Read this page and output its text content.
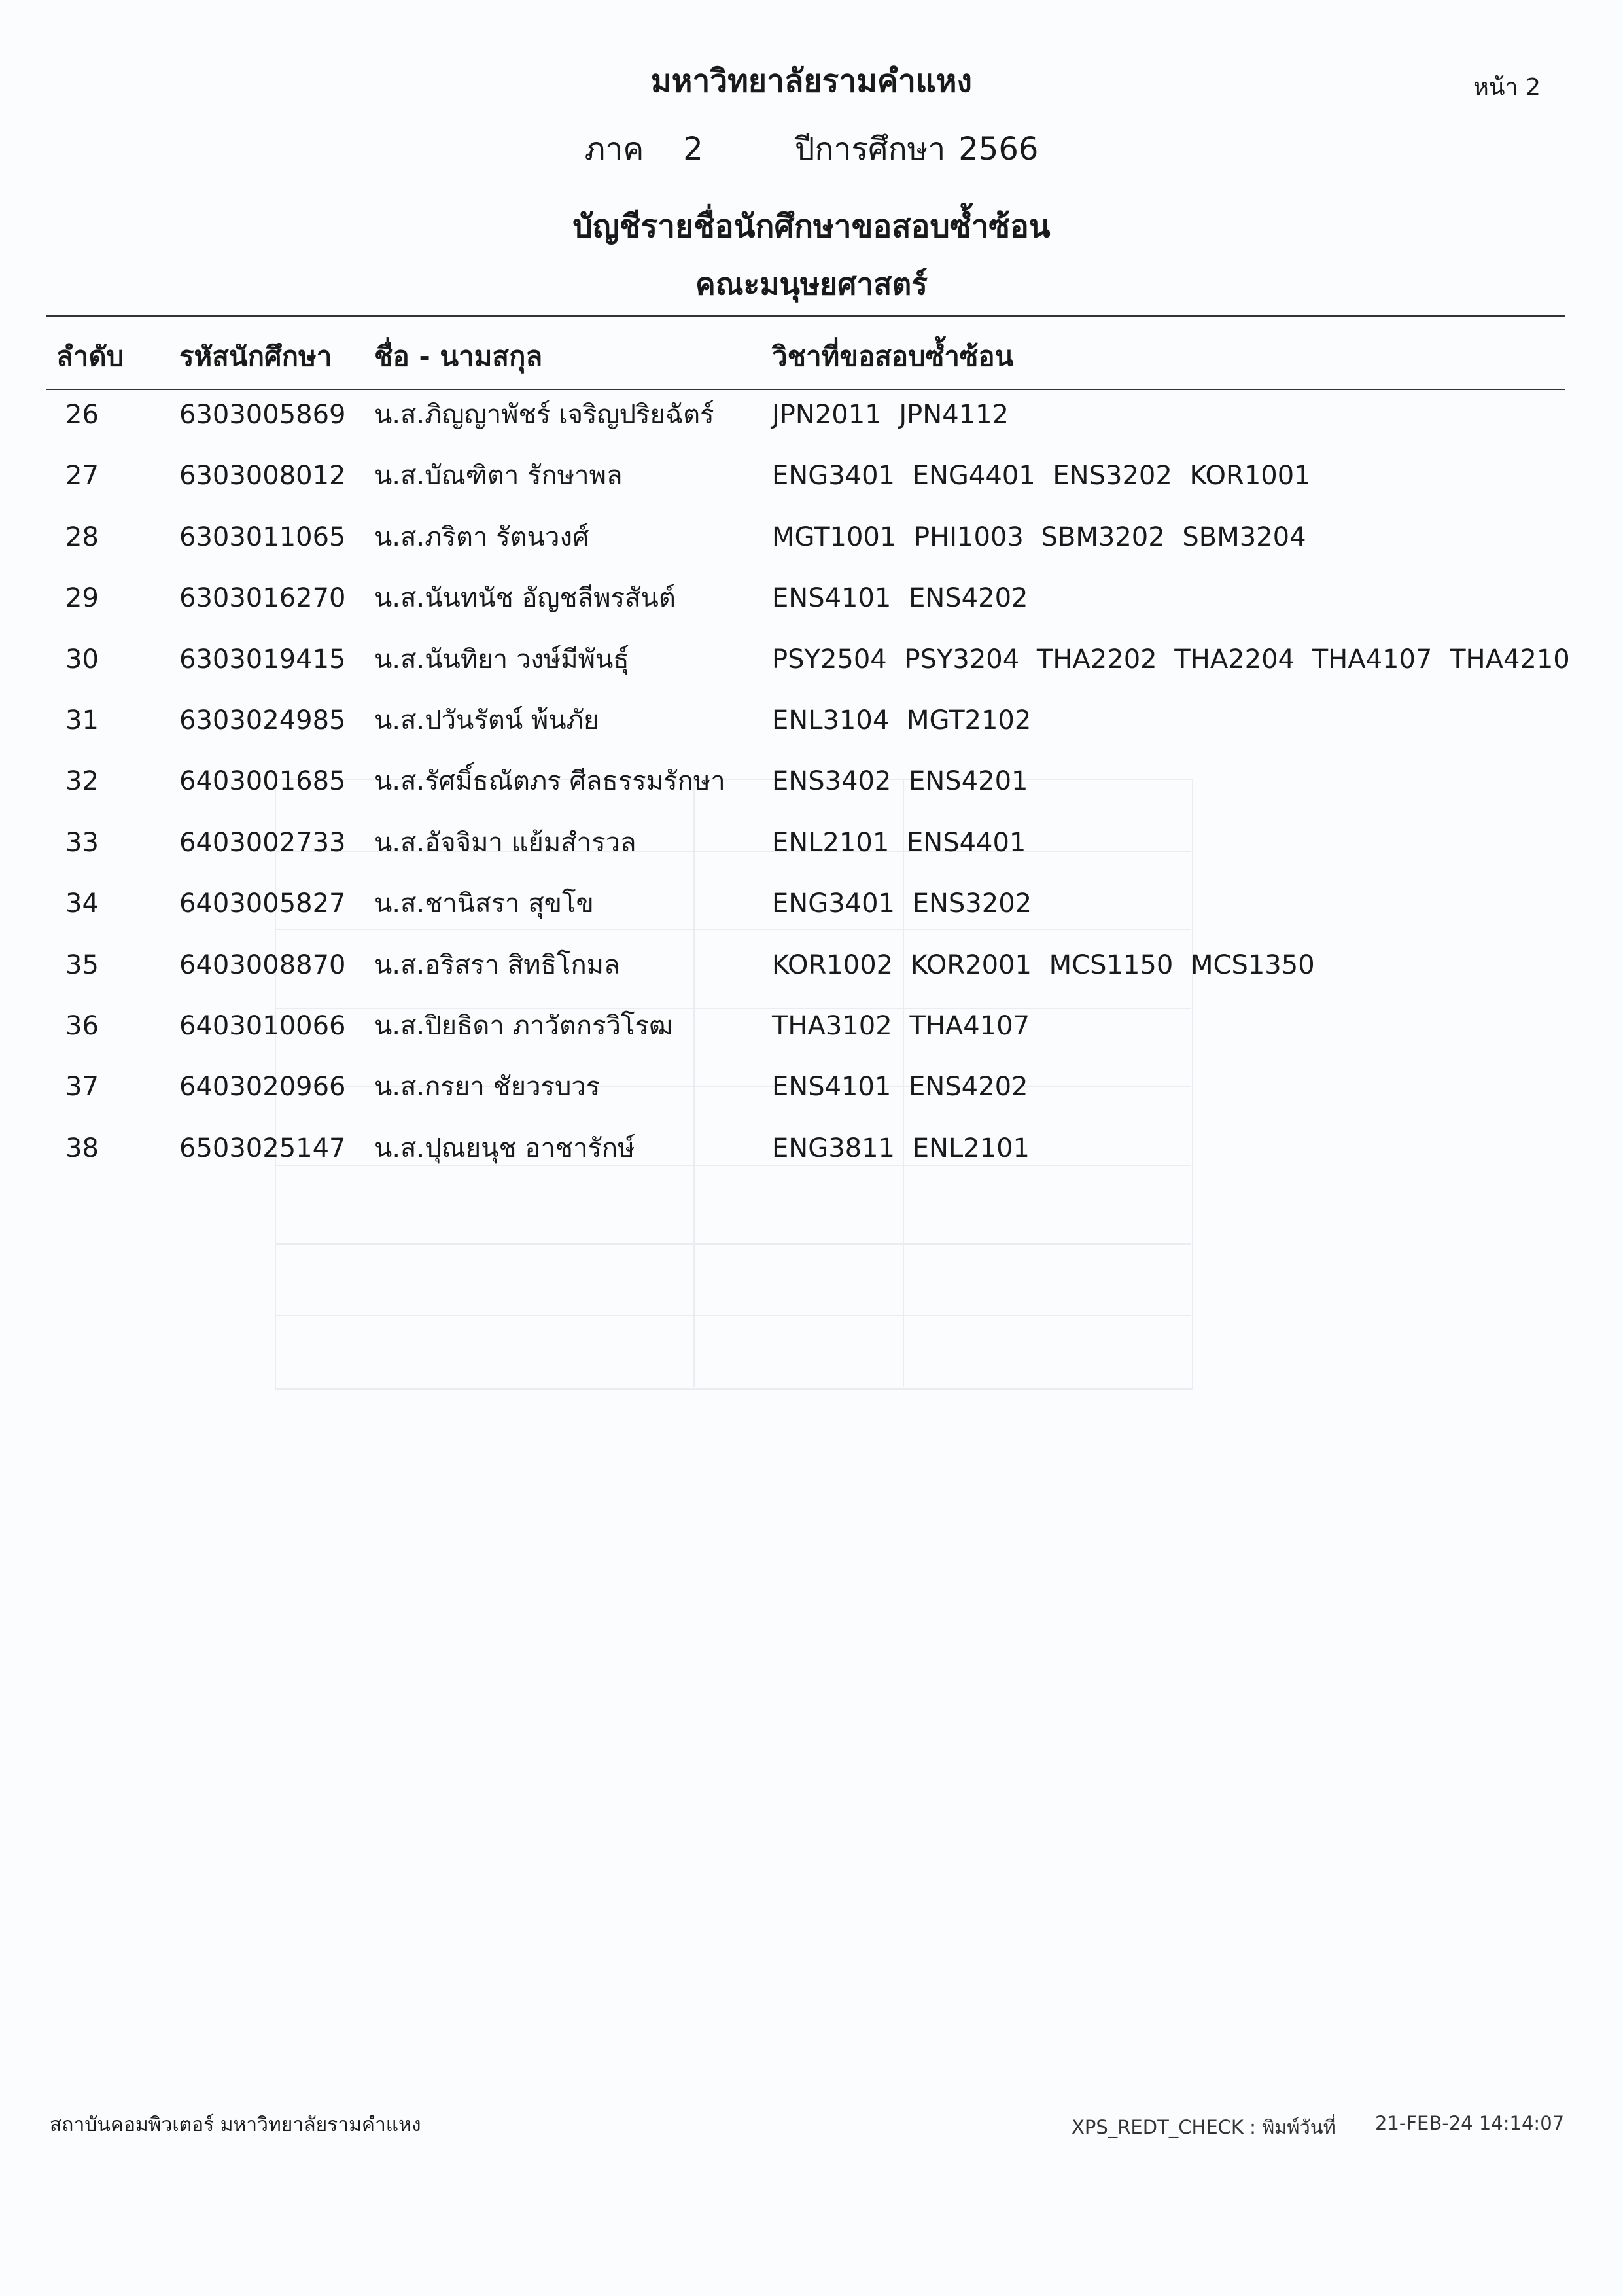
หน้า 2
มหาวิทยาลัยรามคำแหง
ภาค 2	ปีการศึกษา 2566
บัญชีรายชื่อนักศึกษาขอสอบซ้ำซ้อน
คณะมนุษยศาสตร์
ลำดับ รหัสนักศึกษา ชื่อ - นามสกุล	วิชาที่ขอสอบซ้ำซ้อน
26	6303005869 น.ส.ภิญญาพัชร์ เจริญปริยฉัตร์ JPN2011 JPN4112
27	6303008012 น.ส.บัณฑิตา รักษาพล	ENG3401 ENG4401 ENS3202 KOR1001
28	6303011065 น.ส.ภริตา รัตนวงศ์	MGT1001 PHI1003 SBM3202 SBM3204
29	6303016270 น.ส.นันทนัช อัญชลีพรสันต์	ENS4101 ENS4202
30	6303019415 น.ส.นันทิยา วงษ์มีพันธุ์	PSY2504 PSY3204 THA2202 THA2204 THA4107 THA4210
31	6303024985 น.ส.ปวันรัตน์ พ้นภัย	ENL3104 MGT2102
32	6403001685 น.ส.รัศมิ์ธณัตภร ศีลธรรมรักษา ENS3402 ENS4201
33	6403002733 น.ส.อัจจิมา แย้มสำรวล	ENL2101 ENS4401
34	6403005827 น.ส.ชานิสรา สุขโข	ENG3401 ENS3202
35	6403008870 น.ส.อริสรา สิทธิโกมล	KOR1002 KOR2001 MCS1150 MCS1350
36	6403010066 น.ส.ปิยธิดา ภาวัตกรวิโรฒ	THA3102 THA4107
37	6403020966 น.ส.กรยา ชัยวรบวร	ENS4101 ENS4202
38	6503025147 น.ส.ปุณยนุช อาชารักษ์	ENG3811 ENL2101
สถาบันคอมพิวเตอร์ มหาวิทยาลัยรามคำแหง	XPS_REDT_CHECK : พิมพ์วันที่ 21-FEB-24 14:14:07
